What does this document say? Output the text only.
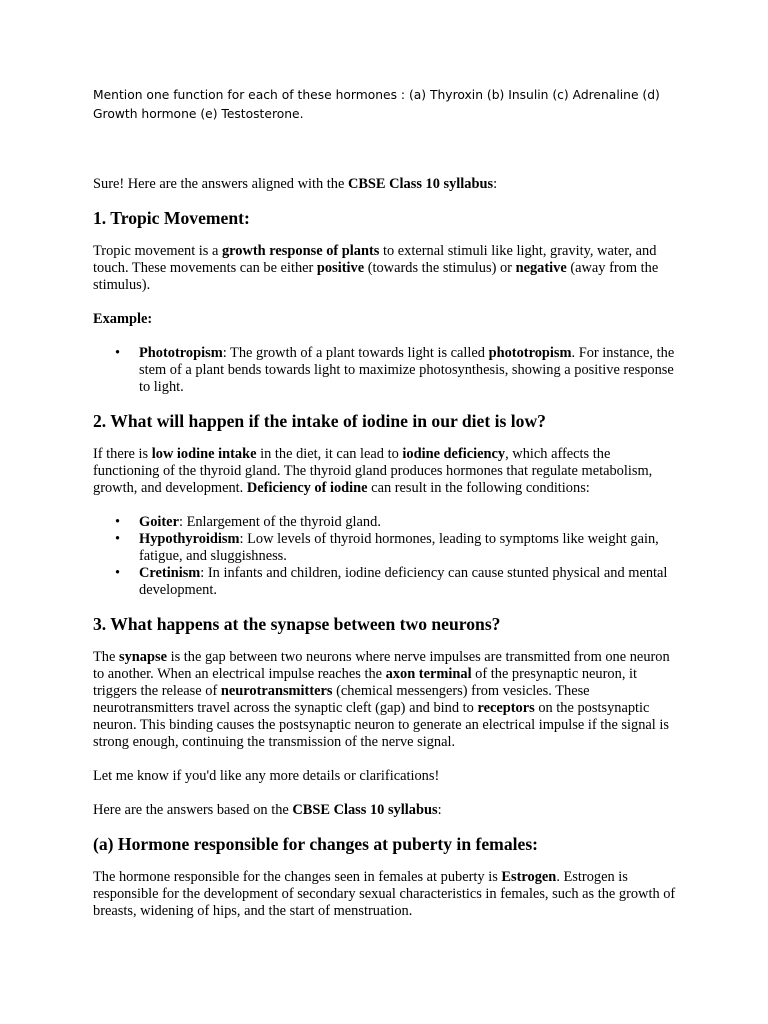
Mention one function for each of these hormones : (a) Thyroxin (b) Insulin (c) Adrenaline (d) Growth hormone (e) Testosterone.

Sure! Here are the answers aligned with the CBSE Class 10 syllabus:

1. Tropic Movement:

Tropic movement is a growth response of plants to external stimuli like light, gravity, water, and touch. These movements can be either positive (towards the stimulus) or negative (away from the stimulus).

Example:

• Phototropism: The growth of a plant towards light is called phototropism. For instance, the stem of a plant bends towards light to maximize photosynthesis, showing a positive response to light.
2. What will happen if the intake of iodine in our diet is low?

If there is low iodine intake in the diet, it can lead to iodine deficiency, which affects the functioning of the thyroid gland. The thyroid gland produces hormones that regulate metabolism, growth, and development. Deficiency of iodine can result in the following conditions:

• Goiter: Enlargement of the thyroid gland.
• Hypothyroidism: Low levels of thyroid hormones, leading to symptoms like weight gain, fatigue, and sluggishness.
• Cretinism: In infants and children, iodine deficiency can cause stunted physical and mental development.
3. What happens at the synapse between two neurons?

The synapse is the gap between two neurons where nerve impulses are transmitted from one neuron to another. When an electrical impulse reaches the axon terminal of the presynaptic neuron, it triggers the release of neurotransmitters (chemical messengers) from vesicles. These neurotransmitters travel across the synaptic cleft (gap) and bind to receptors on the postsynaptic neuron. This binding causes the postsynaptic neuron to generate an electrical impulse if the signal is strong enough, continuing the transmission of the nerve signal.

Let me know if you'd like any more details or clarifications!

Here are the answers based on the CBSE Class 10 syllabus:

(a) Hormone responsible for changes at puberty in females:

The hormone responsible for the changes seen in females at puberty is Estrogen. Estrogen is responsible for the development of secondary sexual characteristics in females, such as the growth of breasts, widening of hips, and the start of menstruation.
